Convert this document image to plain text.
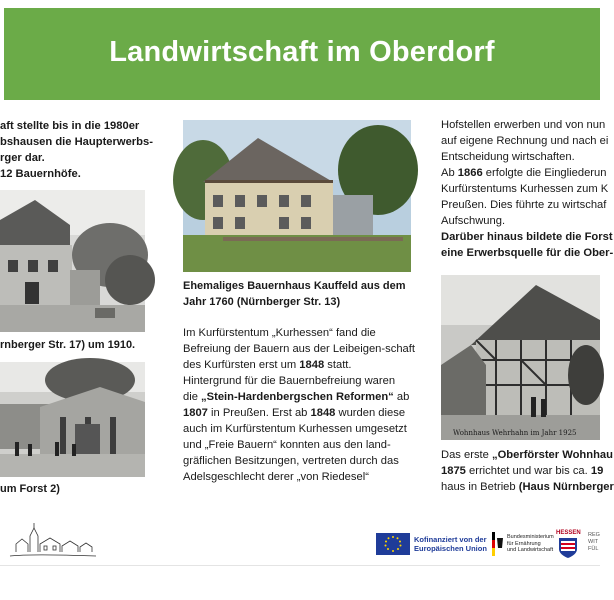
Landwirtschaft im Oberdorf
aft stellte bis in die 1980er
bshausen die Haupterwerbs-
rger dar.
12 Bauernhöfe.
rnberger Str. 17) um 1910.
um Forst 2)
Ehemaliges Bauernhaus Kauffeld aus dem
Jahr 1760 (Nürnberger Str. 13)
Im Kurfürstentum „Kurhessen“ fand die
Befreiung der Bauern aus der Leibeigen-schaft
des Kurfürsten erst um 1848 statt.
Hintergrund für die Bauernbefreiung waren
die „Stein-Hardenbergschen Reformen“ ab
1807 in Preußen. Erst ab 1848 wurden diese
auch im Kurfürstentum Kurhessen umgesetzt
und „Freie Bauern“ konnten aus den land-
gräflichen Besitzungen, vertreten durch das
Adelsgeschlecht derer „von Riedesel“
Hofstellen erwerben und von nun
auf eigene Rechnung und nach ei
Entscheidung wirtschaften.
Ab 1866 erfolgte die Eingliederun
Kurfürstentums Kurhessen zum K
Preußen. Dies führte zu wirtschaf
Aufschwung.
Darüber hinaus bildete die Forst
eine Erwerbsquelle für die Ober-
Wohnhaus Wehrhahn im Jahr 1925
Das erste „Oberförster Wohnhau
1875 errichtet und war bis ca. 19
haus in Betrieb (Haus Nürnberger
Kofinanziert von der
Europäischen Union
Bundesministerium
für Ernährung
und Landwirtschaft
HESSEN REG
WIT
FÜL
